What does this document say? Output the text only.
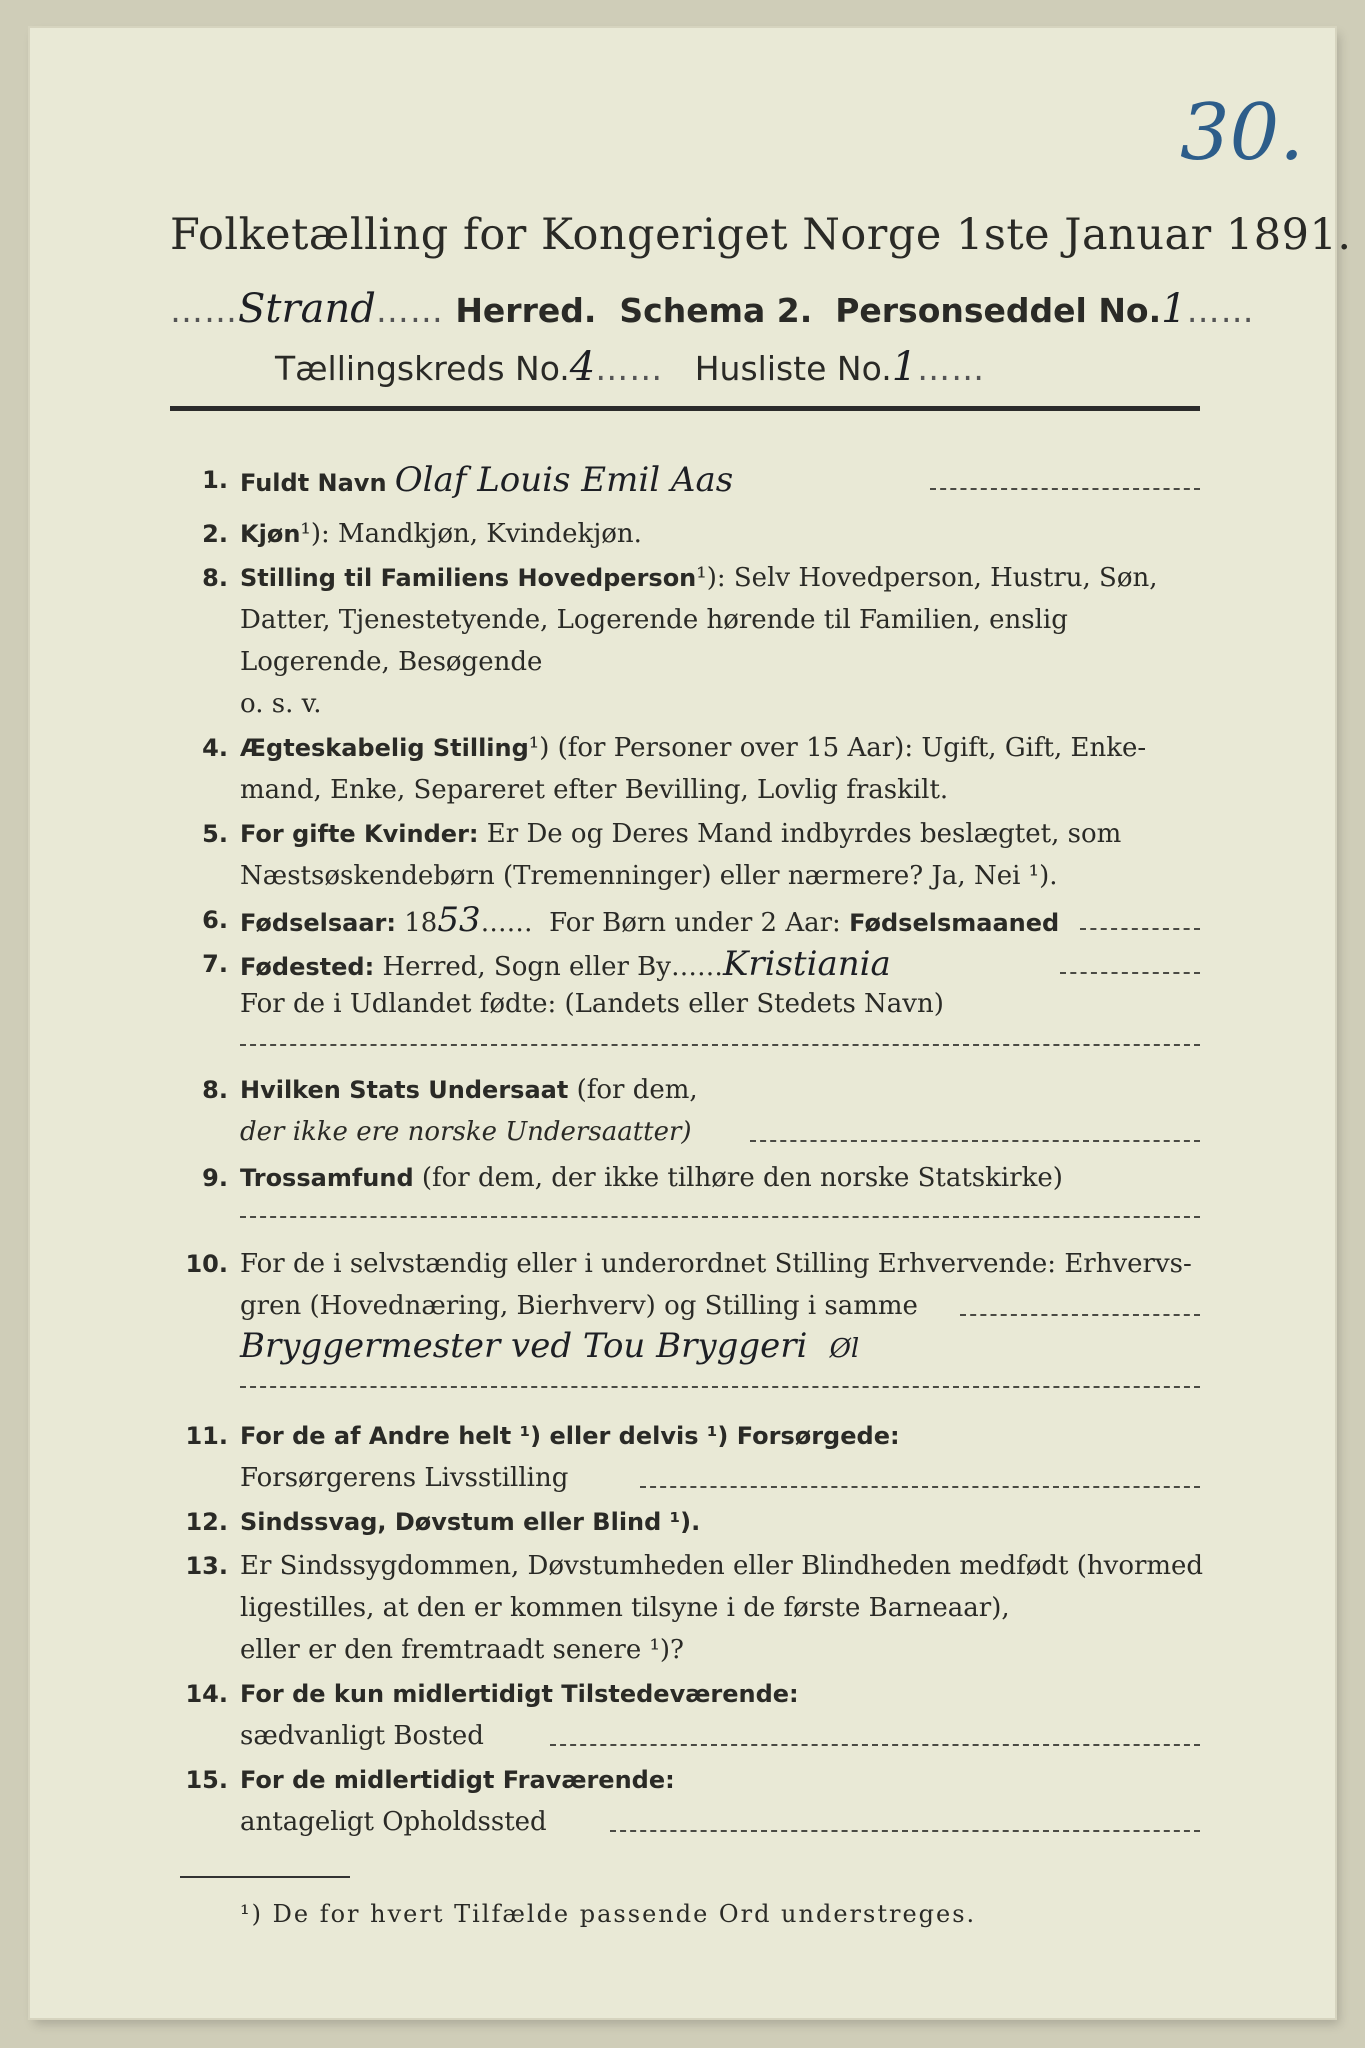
30.
Folketælling for Kongeriget Norge 1ste Januar 1891.
……Strand…… Herred. Schema 2. Personseddel No.1……
Tællingskreds No.4…… Husliste No.1……
1. Fuldt Navn Olaf Louis Emil Aas
2. Kjøn¹): Mandkjøn, Kvindekjøn.
8. Stilling til Familiens Hovedperson¹): Selv Hovedperson, Hustru, Søn,
Datter, Tjenestetyende, Logerende hørende til Familien, enslig
Logerende, Besøgende
o. s. v.
4. Ægteskabelig Stilling¹) (for Personer over 15 Aar): Ugift, Gift, Enke-
mand, Enke, Separeret efter Bevilling, Lovlig fraskilt.
5. For gifte Kvinder: Er De og Deres Mand indbyrdes beslægtet, som
Næstsøskendebørn (Tremenninger) eller nærmere? Ja, Nei ¹).
6. Fødselsaar: 1853……  For Børn under 2 Aar: Fødselsmaaned
7. Fødested: Herred, Sogn eller By……Kristiania
For de i Udlandet fødte: (Landets eller Stedets Navn)
8. Hvilken Stats Undersaat (for dem,
der ikke ere norske Undersaatter)
9. Trossamfund (for dem, der ikke tilhøre den norske Statskirke)
10. For de i selvstændig eller i underordnet Stilling Erhvervende: Erhvervs-
gren (Hovednæring, Bierhverv) og Stilling i samme
Bryggermester ved Tou Bryggeri Øl
11. For de af Andre helt ¹) eller delvis ¹) Forsørgede:
Forsørgerens Livsstilling
12. Sindssvag, Døvstum eller Blind ¹).
13. Er Sindssygdommen, Døvstumheden eller Blindheden medfødt (hvormed
ligestilles, at den er kommen tilsyne i de første Barneaar),
eller er den fremtraadt senere ¹)?
14. For de kun midlertidigt Tilstedeværende:
sædvanligt Bosted
15. For de midlertidigt Fraværende:
antageligt Opholdssted
¹) De for hvert Tilfælde passende Ord understreges.
